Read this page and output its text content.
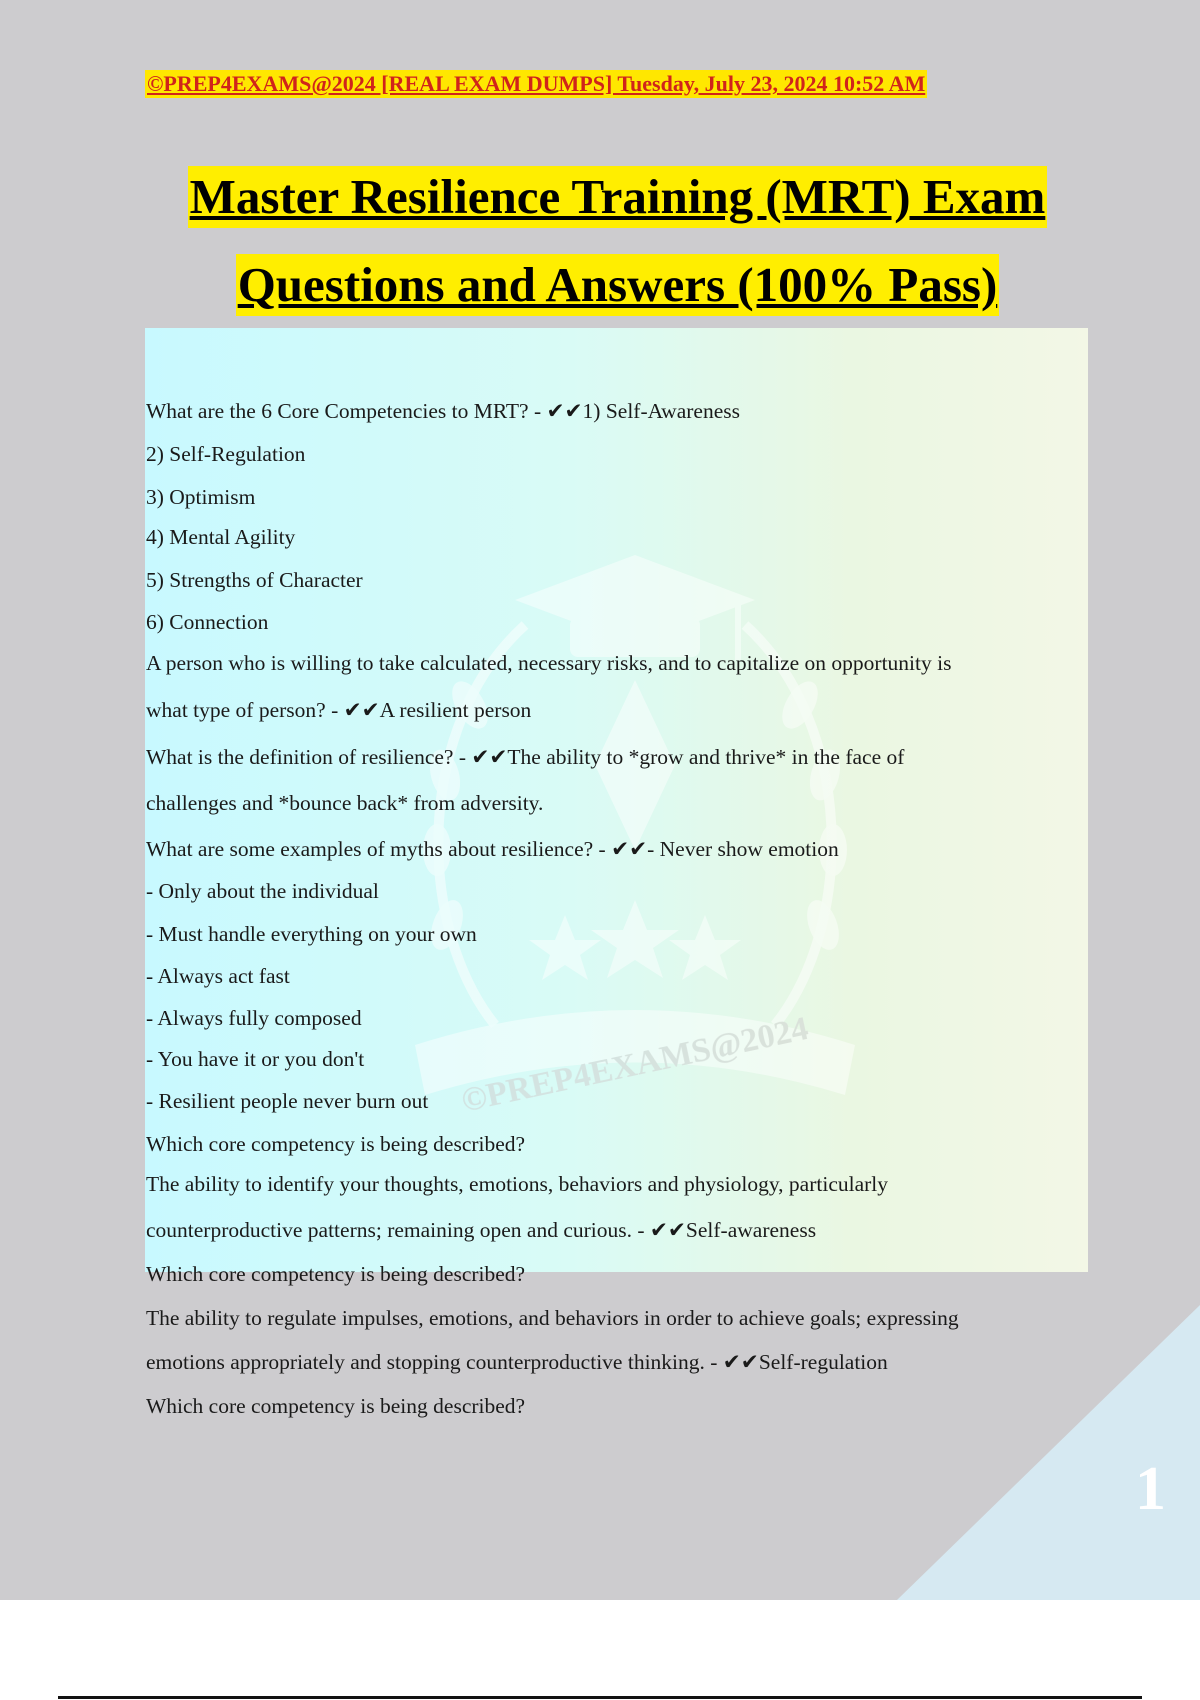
©PREP4EXAMS@2024 [REAL EXAM DUMPS] Tuesday, July 23, 2024 10:52 AM
Master Resilience Training (MRT) Exam
Questions and Answers (100% Pass)
©PREP4EXAMS@2024

What are the 6 Core Competencies to MRT? - ✔✔1) Self-Awareness

2) Self-Regulation

3) Optimism

4) Mental Agility

5) Strengths of Character

6) Connection

A person who is willing to take calculated, necessary risks, and to capitalize on opportunity is

what type of person? - ✔✔A resilient person

What is the definition of resilience? - ✔✔The ability to *grow and thrive* in the face of

challenges and *bounce back* from adversity.

What are some examples of myths about resilience? - ✔✔- Never show emotion

- Only about the individual

- Must handle everything on your own

- Always act fast

- Always fully composed

- You have it or you don't

- Resilient people never burn out

Which core competency is being described?

The ability to identify your thoughts, emotions, behaviors and physiology, particularly

counterproductive patterns; remaining open and curious. - ✔✔Self-awareness

Which core competency is being described?

The ability to regulate impulses, emotions, and behaviors in order to achieve goals; expressing

emotions appropriately and stopping counterproductive thinking. - ✔✔Self-regulation

Which core competency is being described?

1
